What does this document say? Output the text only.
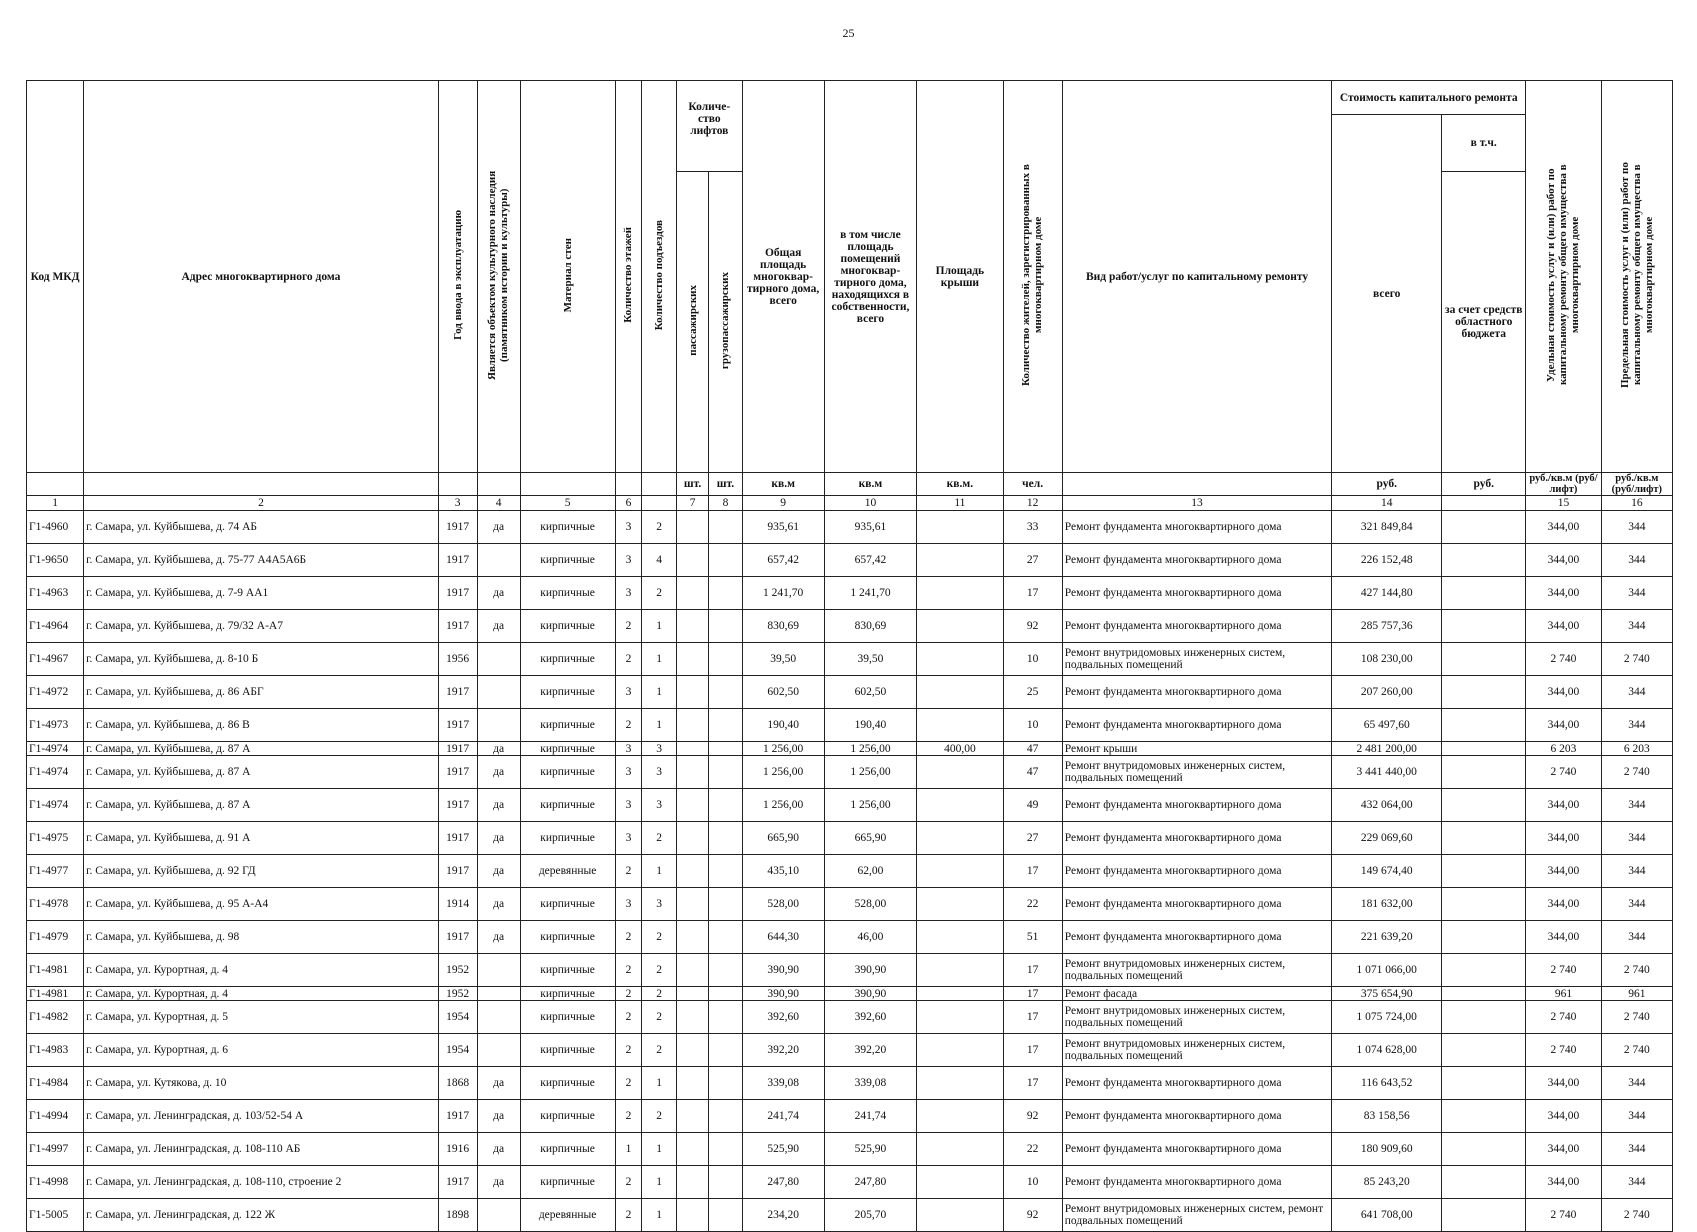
25
Код МКД	Адрес многоквартирного дома	Год ввода в эксплуатацию	Является объектом культурного наследия (памятником истории и культуры)	Материал стен	Количество этажей	Количество подъездов	Количе-ство лифтов		Общая площадь многоквар-тирного дома, всего	в том числе площадь помещений многоквар-тирного дома, находящихся в собственности, всего	Площадь крыши	Количество жителей, зарегистрированных в многоквартирном доме	Вид работ/услуг по капитальному ремонту	Стоимость капитального ремонта		Удельная стоимость услуг и (или) работ по капитальному ремонту общего имущества в многоквартирном доме	Предельная стоимость услуг и (или) работ по капитальному ремонту общего имущества в многоквартирном доме
														всего	в т.ч.		
							пассажирских	грузопассажирских							за счет средств областного бюджета		
							шт.	шт.	кв.м	кв.м	кв.м.	чел.		руб.	руб.	руб./кв.м (руб/лифт)	руб./кв.м (руб/лифт)
1	2	3	4	5	6		7	8	9	10	11	12	13	14		15	16
Г1-4960	г. Самара, ул. Куйбышева, д. 74 АБ	1917	да	кирпичные	3	2			935,61	935,61		33	Ремонт фундамента многоквартирного дома	321 849,84		344,00	344
Г1-9650	г. Самара, ул. Куйбышева, д. 75-77 А4А5А6Б	1917		кирпичные	3	4			657,42	657,42		27	Ремонт фундамента многоквартирного дома	226 152,48		344,00	344
Г1-4963	г. Самара, ул. Куйбышева, д. 7-9 АА1	1917	да	кирпичные	3	2			1 241,70	1 241,70		17	Ремонт фундамента многоквартирного дома	427 144,80		344,00	344
Г1-4964	г. Самара, ул. Куйбышева, д. 79/32 А-А7	1917	да	кирпичные	2	1			830,69	830,69		92	Ремонт фундамента многоквартирного дома	285 757,36		344,00	344
Г1-4967	г. Самара, ул. Куйбышева, д. 8-10 Б	1956		кирпичные	2	1			39,50	39,50		10	Ремонт внутридомовых инженерных систем, подвальных помещений	108 230,00		2 740	2 740
Г1-4972	г. Самара, ул. Куйбышева, д. 86 АБГ	1917		кирпичные	3	1			602,50	602,50		25	Ремонт фундамента многоквартирного дома	207 260,00		344,00	344
Г1-4973	г. Самара, ул. Куйбышева, д. 86 В	1917		кирпичные	2	1			190,40	190,40		10	Ремонт фундамента многоквартирного дома	65 497,60		344,00	344
Г1-4974	г. Самара, ул. Куйбышева, д. 87 А	1917	да	кирпичные	3	3			1 256,00	1 256,00	400,00	47	Ремонт крыши	2 481 200,00		6 203	6 203
Г1-4974	г. Самара, ул. Куйбышева, д. 87 А	1917	да	кирпичные	3	3			1 256,00	1 256,00		47	Ремонт внутридомовых инженерных систем, подвальных помещений	3 441 440,00		2 740	2 740
Г1-4974	г. Самара, ул. Куйбышева, д. 87 А	1917	да	кирпичные	3	3			1 256,00	1 256,00		49	Ремонт фундамента многоквартирного дома	432 064,00		344,00	344
Г1-4975	г. Самара, ул. Куйбышева, д. 91 А	1917	да	кирпичные	3	2			665,90	665,90		27	Ремонт фундамента многоквартирного дома	229 069,60		344,00	344
Г1-4977	г. Самара, ул. Куйбышева, д. 92 ГД	1917	да	деревянные	2	1			435,10	62,00		17	Ремонт фундамента многоквартирного дома	149 674,40		344,00	344
Г1-4978	г. Самара, ул. Куйбышева, д. 95 А-А4	1914	да	кирпичные	3	3			528,00	528,00		22	Ремонт фундамента многоквартирного дома	181 632,00		344,00	344
Г1-4979	г. Самара, ул. Куйбышева, д. 98	1917	да	кирпичные	2	2			644,30	46,00		51	Ремонт фундамента многоквартирного дома	221 639,20		344,00	344
Г1-4981	г. Самара, ул. Курортная, д. 4	1952		кирпичные	2	2			390,90	390,90		17	Ремонт внутридомовых инженерных систем, подвальных помещений	1 071 066,00		2 740	2 740
Г1-4981	г. Самара, ул. Курортная, д. 4	1952		кирпичные	2	2			390,90	390,90		17	Ремонт фасада	375 654,90		961	961
Г1-4982	г. Самара, ул. Курортная, д. 5	1954		кирпичные	2	2			392,60	392,60		17	Ремонт внутридомовых инженерных систем, подвальных помещений	1 075 724,00		2 740	2 740
Г1-4983	г. Самара, ул. Курортная, д. 6	1954		кирпичные	2	2			392,20	392,20		17	Ремонт внутридомовых инженерных систем, подвальных помещений	1 074 628,00		2 740	2 740
Г1-4984	г. Самара, ул. Кутякова, д. 10	1868	да	кирпичные	2	1			339,08	339,08		17	Ремонт фундамента многоквартирного дома	116 643,52		344,00	344
Г1-4994	г. Самара, ул. Ленинградская, д. 103/52-54 А	1917	да	кирпичные	2	2			241,74	241,74		92	Ремонт фундамента многоквартирного дома	83 158,56		344,00	344
Г1-4997	г. Самара, ул. Ленинградская, д. 108-110 АБ	1916	да	кирпичные	1	1			525,90	525,90		22	Ремонт фундамента многоквартирного дома	180 909,60		344,00	344
Г1-4998	г. Самара, ул. Ленинградская, д. 108-110, строение 2	1917	да	кирпичные	2	1			247,80	247,80		10	Ремонт фундамента многоквартирного дома	85 243,20		344,00	344
Г1-5005	г. Самара, ул. Ленинградская, д. 122 Ж	1898		деревянные	2	1			234,20	205,70		92	Ремонт внутридомовых инженерных систем, ремонт подвальных помещений	641 708,00		2 740	2 740
